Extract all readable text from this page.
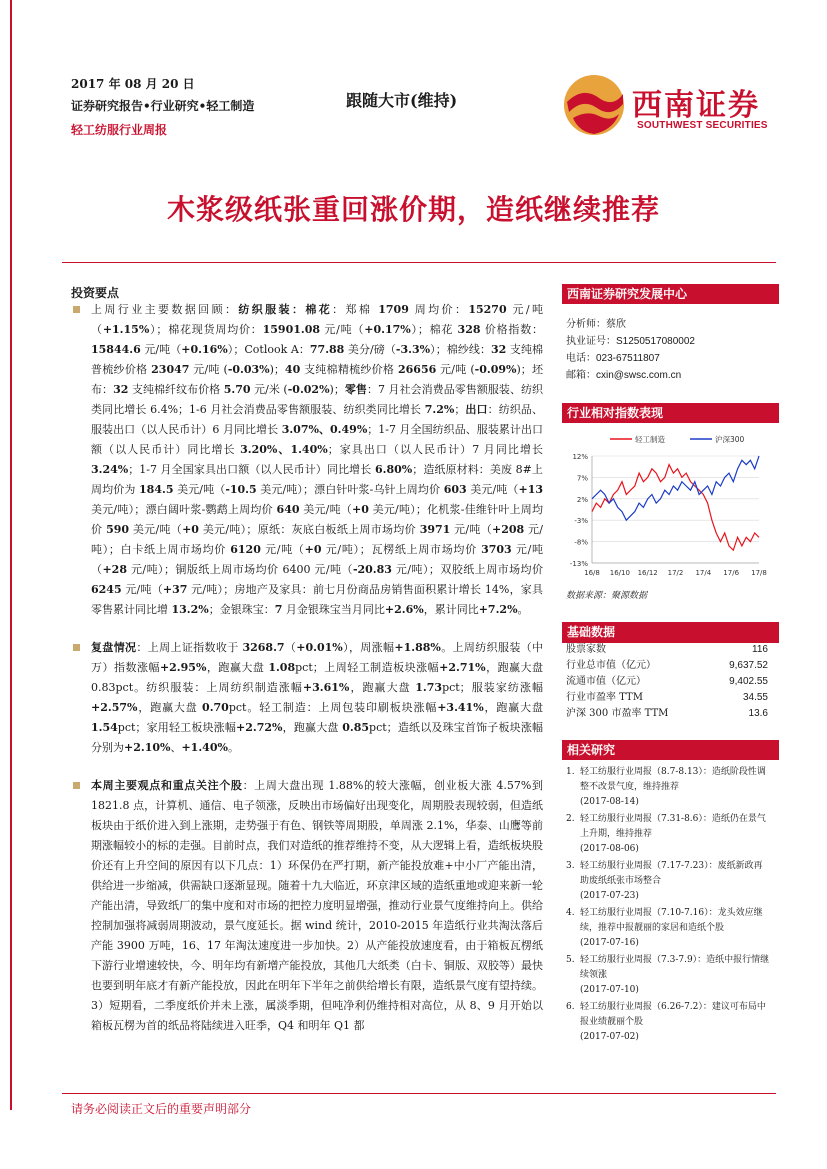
2017 年 08 月 20 日
证券研究报告•行业研究•轻工制造
轻工纺服行业周报
跟随大市(维持)	西南证券
SOUTHWEST SECURITIES
木浆级纸张重回涨价期，造纸继续推荐
投资要点
上周行业主要数据回顾：纺织服装：棉花：郑棉 1709 周均价：15270 元/吨（+1.15%）；棉花现货周均价：15901.08 元/吨（+0.17%）；棉花 328 价格指数：15844.6 元/吨（+0.16%）；Cotlook A：77.88 美分/磅（-3.3%）；棉纱线：32 支纯棉普梳纱价格 23047 元/吨 (-0.03%)；40 支纯棉精梳纱价格 26656 元/吨 (-0.09%)；坯布：32 支纯棉纤纹布价格 5.70 元/米 (-0.02%)；零售：7 月社会消费品零售额服装、纺织类同比增长 6.4%；1-6 月社会消费品零售额服装、纺织类同比增长 7.2%；出口：纺织品、服装出口（以人民币计）6 月同比增长 3.07%、0.49%；1-7 月全国纺织品、服装累计出口额（以人民币计）同比增长 3.20%、1.40%；家具出口（以人民币计）7 月同比增长 3.24%；1-7 月全国家具出口额（以人民币计）同比增长 6.80%；造纸原材料：美废 8#上周均价为 184.5 美元/吨（-10.5 美元/吨）；漂白针叶浆-乌针上周均价 603 美元/吨（+13 美元/吨）；漂白阔叶浆-鹦鹉上周均价 640 美元/吨（+0 美元/吨）；化机浆-佳维针叶上周均价 590 美元/吨（+0 美元/吨）；原纸：灰底白板纸上周市场均价 3971 元/吨（+208 元/吨）；白卡纸上周市场均价 6120 元/吨（+0 元/吨）；瓦楞纸上周市场均价 3703 元/吨（+28 元/吨）；铜版纸上周市场均价 6400 元/吨（-20.83 元/吨）；双胶纸上周市场均价 6245 元/吨（+37 元/吨）；房地产及家具：前七月份商品房销售面积累计增长 14%，家具零售累计同比增 13.2%；金银珠宝：7 月金银珠宝当月同比+2.6%，累计同比+7.2%。
复盘情况：上周上证指数收于 3268.7（+0.01%），周涨幅+1.88%。上周纺织服装（中万）指数涨幅+2.95%，跑赢大盘 1.08pct；上周轻工制造板块涨幅+2.71%，跑赢大盘 0.83pct。纺织服装：上周纺织制造涨幅+3.61%，跑赢大盘 1.73pct；服装家纺涨幅+2.57%，跑赢大盘 0.70pct。轻工制造：上周包装印刷板块涨幅+3.41%，跑赢大盘 1.54pct；家用轻工板块涨幅+2.72%，跑赢大盘 0.85pct；造纸以及珠宝首饰子板块涨幅分别为+2.10%、+1.40%。
本周主要观点和重点关注个股：上周大盘出现 1.88%的较大涨幅，创业板大涨 4.57%到 1821.8 点，计算机、通信、电子领涨，反映出市场偏好出现变化，周期股表现较弱，但造纸板块由于纸价进入到上涨期，走势强于有色、钢铁等周期股，单周涨 2.1%，华泰、山鹰等前期涨幅较小的标的走强。目前时点，我们对造纸的推荐维持不变，从大逻辑上看，造纸板块股价还有上升空间的原因有以下几点：1）环保仍在严打期，新产能投放难+中小厂产能出清，供给进一步缩减，供需缺口逐渐显现。随着十九大临近，环京津区域的造纸重地或迎来新一轮产能出清，导致纸厂的集中度和对市场的把控力度明显增强，推动行业景气度维持向上。供给控制加强将减弱周期波动，景气度延长。据 wind 统计，2010-2015 年造纸行业共淘汰落后产能 3900 万吨，16、17 年淘汰速度进一步加快。2）从产能投放速度看，由于箱板瓦楞纸下游行业增速较快，今、明年均有新增产能投放，其他几大纸类（白卡、铜版、双胶等）最快也要到明年底才有新产能投放，因此在明年下半年之前供给增长有限，造纸景气度有望持续。3）短期看，二季度纸价并未上涨，属淡季期，但吨净利仍维持相对高位，从 8、9 月开始以箱板瓦楞为首的纸品将陆续进入旺季，Q4 和明年 Q1 都
西南证券研究发展中心
分析师：蔡欣
执业证号：S1250517080002
电话：023-67511807
邮箱：cxin@swsc.com.cn
行业相对指数表现
12%
7%
2%
-3%
-8%
-13%
16/8 16/10 16/12 17/2 17/4 17/6 17/8
轻工制造	沪深300
数据来源：聚源数据
基础数据
股票家数	116
行业总市值（亿元）	9,637.52
流通市值（亿元）	9,402.55
行业市盈率 TTM	34.55
沪深 300 市盈率 TTM	13.6
相关研究
1. 轻工纺服行业周报（8.7-8.13）：造纸阶段性调整不改景气度，维持推荐
(2017-08-14)
2. 轻工纺服行业周报（7.31-8.6）：造纸仍在景气上升期，维持推荐
(2017-08-06)
3. 轻工纺服行业周报（7.17-7.23）：废纸新政再助废纸纸张市场整合
(2017-07-23)
4. 轻工纺服行业周报（7.10-7.16）：龙头效应继续，推荐中报靓丽的家居和造纸个股
(2017-07-16)
5. 轻工纺服行业周报（7.3-7.9）：造纸中报行情继续领涨
(2017-07-10)
6. 轻工纺服行业周报（6.26-7.2）：建议可布局中报业绩靓丽个股
(2017-07-02)
请务必阅读正文后的重要声明部分
